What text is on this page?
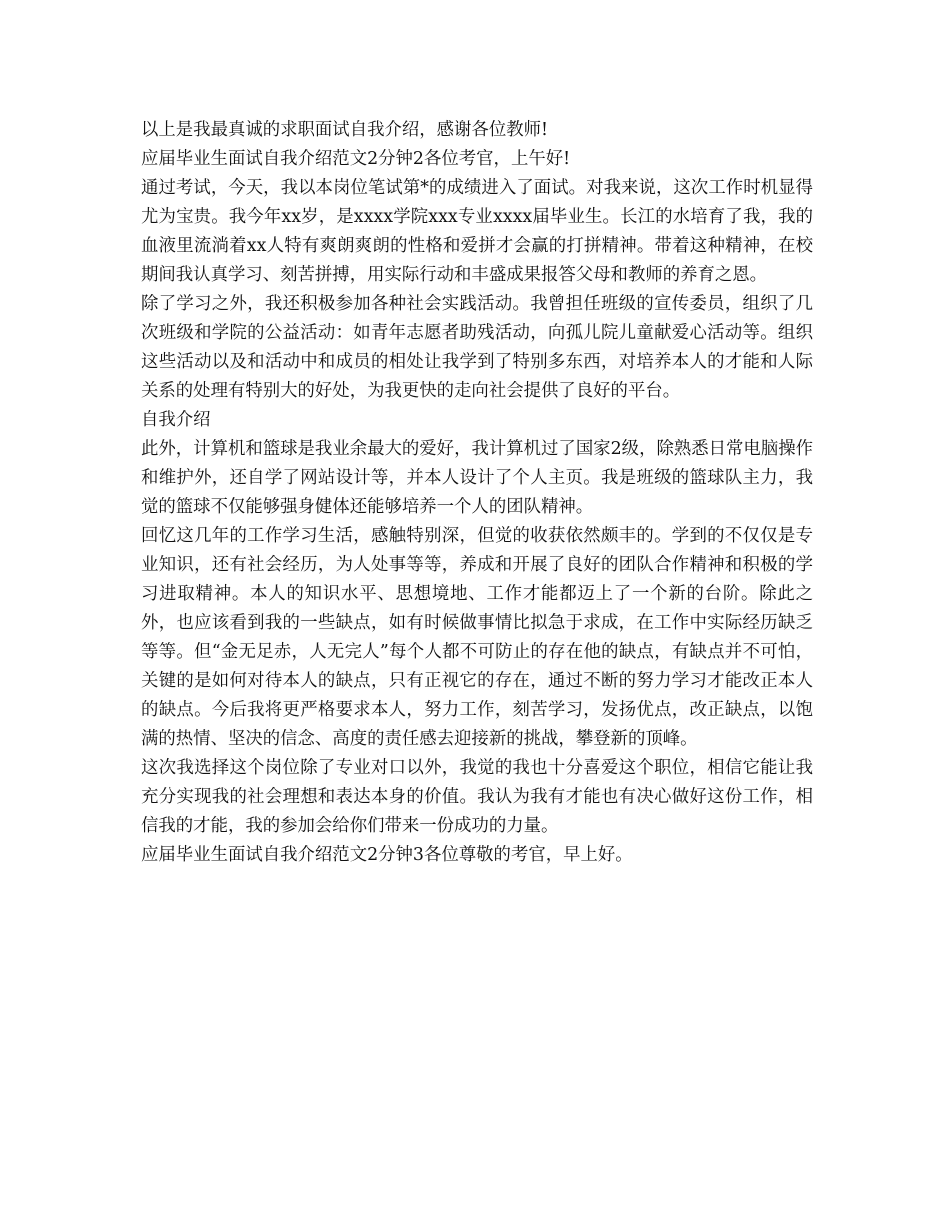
以上是我最真诚的求职面试自我介绍，感谢各位教师!

应届毕业生面试自我介绍范文2分钟2各位考官，上午好!

通过考试，今天，我以本岗位笔试第*的成绩进入了面试。对我来说，这次工作时机显得尤为宝贵。我今年xx岁，是xxxx学院xxx专业xxxx届毕业生。长江的水培育了我，我的血液里流淌着xx人特有爽朗爽朗的性格和爱拼才会赢的打拼精神。带着这种精神，在校期间我认真学习、刻苦拼搏，用实际行动和丰盛成果报答父母和教师的养育之恩。

除了学习之外，我还积极参加各种社会实践活动。我曾担任班级的宣传委员，组织了几次班级和学院的公益活动：如青年志愿者助残活动，向孤儿院儿童献爱心活动等。组织这些活动以及和活动中和成员的相处让我学到了特别多东西，对培养本人的才能和人际关系的处理有特别大的好处，为我更快的走向社会提供了良好的平台。

自我介绍

此外，计算机和篮球是我业余最大的爱好，我计算机过了国家2级，除熟悉日常电脑操作和维护外，还自学了网站设计等，并本人设计了个人主页。我是班级的篮球队主力，我觉的篮球不仅能够强身健体还能够培养一个人的团队精神。

回忆这几年的工作学习生活，感触特别深，但觉的收获依然颇丰的。学到的不仅仅是专业知识，还有社会经历，为人处事等等，养成和开展了良好的团队合作精神和积极的学习进取精神。本人的知识水平、思想境地、工作才能都迈上了一个新的台阶。除此之外，也应该看到我的一些缺点，如有时候做事情比拟急于求成，在工作中实际经历缺乏等等。但“金无足赤，人无完人”每个人都不可防止的存在他的缺点，有缺点并不可怕，关键的是如何对待本人的缺点，只有正视它的存在，通过不断的努力学习才能改正本人的缺点。今后我将更严格要求本人，努力工作，刻苦学习，发扬优点，改正缺点，以饱满的热情、坚决的信念、高度的责任感去迎接新的挑战，攀登新的顶峰。

这次我选择这个岗位除了专业对口以外，我觉的我也十分喜爱这个职位，相信它能让我充分实现我的社会理想和表达本身的价值。我认为我有才能也有决心做好这份工作，相信我的才能，我的参加会给你们带来一份成功的力量。

应届毕业生面试自我介绍范文2分钟3各位尊敬的考官，早上好。
